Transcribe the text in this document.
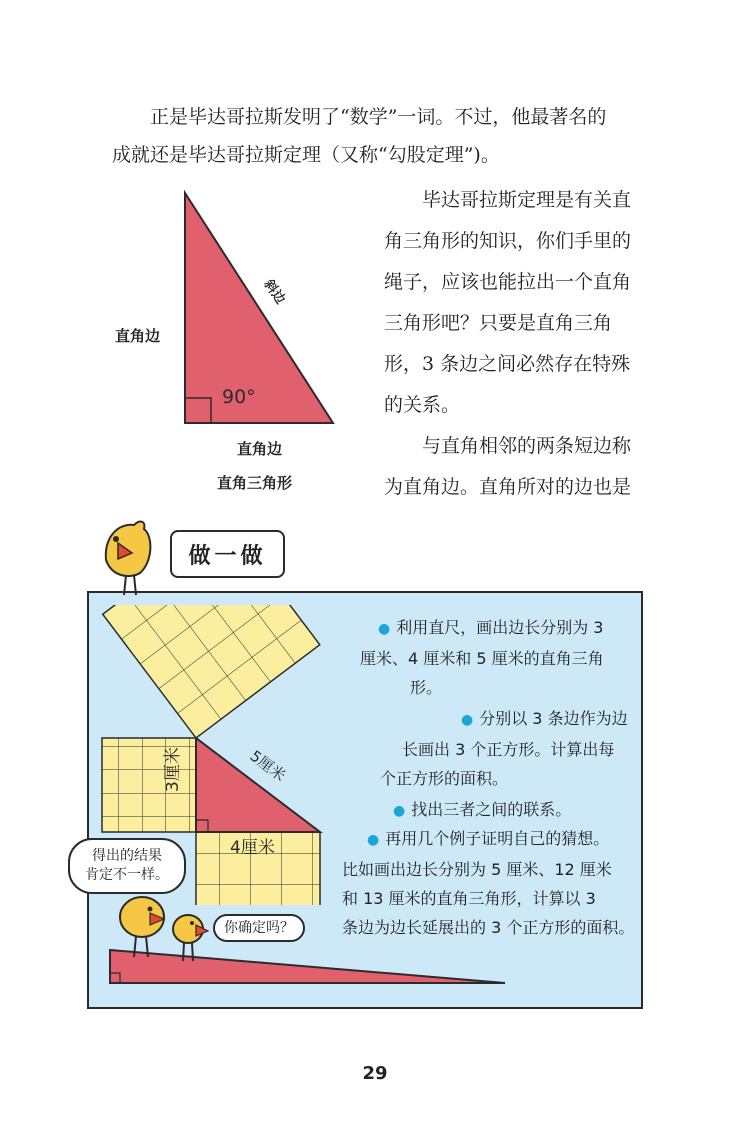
正是毕达哥拉斯发明了“数学”一词。不过，他最著名的
成就还是毕达哥拉斯定理（又称“勾股定理”)。
90°
斜边
直角边
直角边
直角三角形
毕达哥拉斯定理是有关直
角三角形的知识，你们手里的
绳子，应该也能拉出一个直角
三角形吧？只要是直角三角
形，3 条边之间必然存在特殊
的关系。
与直角相邻的两条短边称
为直角边。直角所对的边也是
做一做
3厘米
4厘米
5厘米
● 利用直尺，画出边长分别为 3
厘米、4 厘米和 5 厘米的直角三角
形。
● 分别以 3 条边作为边
长画出 3 个正方形。计算出每
个正方形的面积。
● 找出三者之间的联系。
● 再用几个例子证明自己的猜想。
比如画出边长分别为 5 厘米、12 厘米
和 13 厘米的直角三角形，计算以 3
条边为边长延展出的 3 个正方形的面积。
得出的结果
肯定不一样。
你确定吗？
29
